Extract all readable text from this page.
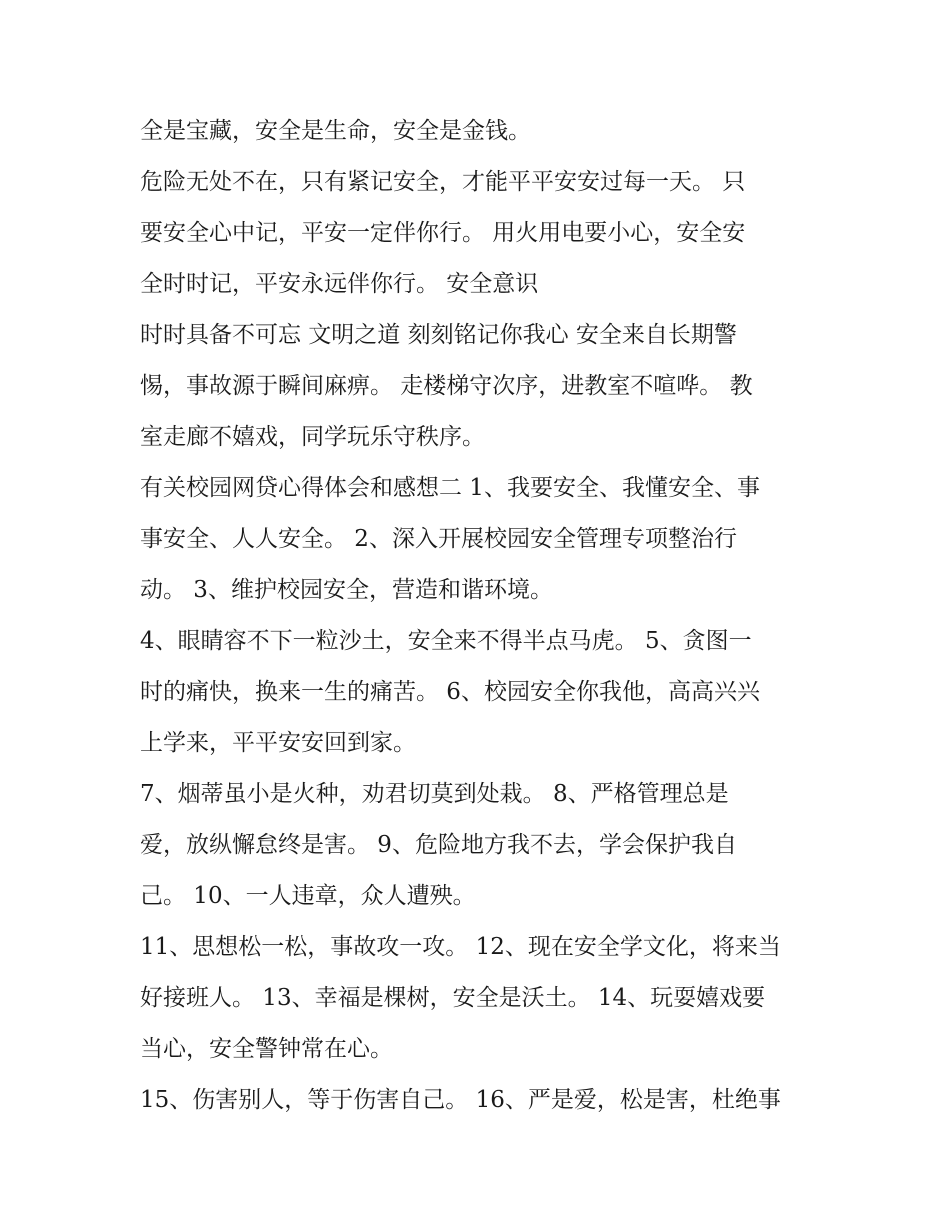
全是宝藏，安全是生命，安全是金钱。
危险无处不在，只有紧记安全，才能平平安安过每一天。 只
要安全心中记，平安一定伴你行。 用火用电要小心，安全安
全时时记，平安永远伴你行。 安全意识
时时具备不可忘 文明之道 刻刻铭记你我心 安全来自长期警
惕，事故源于瞬间麻痹。 走楼梯守次序，进教室不喧哗。 教
室走廊不嬉戏，同学玩乐守秩序。
有关校园网贷心得体会和感想二 1、我要安全、我懂安全、事
事安全、人人安全。 2、深入开展校园安全管理专项整治行
动。 3、维护校园安全，营造和谐环境。
4、眼睛容不下一粒沙土，安全来不得半点马虎。 5、贪图一
时的痛快，换来一生的痛苦。 6、校园安全你我他，高高兴兴
上学来，平平安安回到家。
7、烟蒂虽小是火种，劝君切莫到处栽。 8、严格管理总是
爱，放纵懈怠终是害。 9、危险地方我不去，学会保护我自
己。 10、一人违章，众人遭殃。
11、思想松一松，事故攻一攻。 12、现在安全学文化，将来当
好接班人。 13、幸福是棵树，安全是沃土。 14、玩耍嬉戏要
当心，安全警钟常在心。
15、伤害别人，等于伤害自己。 16、严是爱，松是害，杜绝事
